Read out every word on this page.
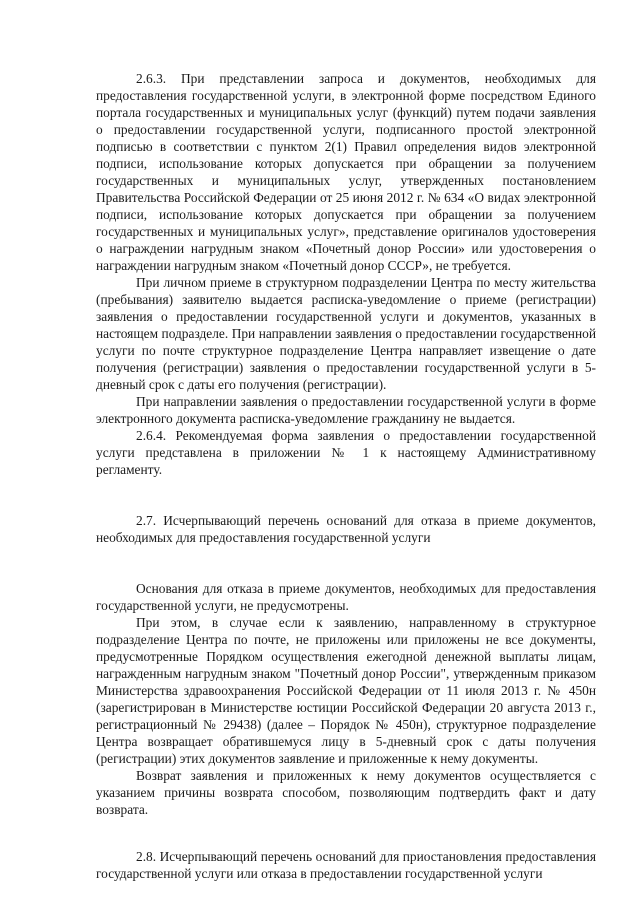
2.6.3. При представлении запроса и документов, необходимых для предоставления государственной услуги, в электронной форме посредством Единого портала государственных и муниципальных услуг (функций) путем подачи заявления о предоставлении государственной услуги, подписанного простой электронной подписью в соответствии с пунктом 2(1) Правил определения видов электронной подписи, использование которых допускается при обращении за получением государственных и муниципальных услуг, утвержденных постановлением Правительства Российской Федерации от 25 июня 2012 г. № 634 «О видах электронной подписи, использование которых допускается при обращении за получением государственных и муниципальных услуг», представление оригиналов удостоверения о награждении нагрудным знаком «Почетный донор России» или удостоверения о награждении нагрудным знаком «Почетный донор СССР», не требуется.

При личном приеме в структурном подразделении Центра по месту жительства (пребывания) заявителю выдается расписка-уведомление о приеме (регистрации) заявления о предоставлении государственной услуги и документов, указанных в настоящем подразделе. При направлении заявления о предоставлении государственной услуги по почте структурное подразделение Центра направляет извещение о дате получения (регистрации) заявления о предоставлении государственной услуги в 5-дневный срок с даты его получения (регистрации).

При направлении заявления о предоставлении государственной услуги в форме электронного документа расписка-уведомление гражданину не выдается.

2.6.4. Рекомендуемая форма заявления о предоставлении государственной услуги представлена в приложении № 1 к настоящему Административному регламенту.

2.7. Исчерпывающий перечень оснований для отказа в приеме документов, необходимых для предоставления государственной услуги

Основания для отказа в приеме документов, необходимых для предоставления государственной услуги, не предусмотрены.

При этом, в случае если к заявлению, направленному в структурное подразделение Центра по почте, не приложены или приложены не все документы, предусмотренные Порядком осуществления ежегодной денежной выплаты лицам, награжденным нагрудным знаком "Почетный донор России", утвержденным приказом Министерства здравоохранения Российской Федерации от 11 июля 2013 г. № 450н (зарегистрирован в Министерстве юстиции Российской Федерации 20 августа 2013 г., регистрационный № 29438) (далее – Порядок № 450н), структурное подразделение Центра возвращает обратившемуся лицу в 5-дневный срок с даты получения (регистрации) этих документов заявление и приложенные к нему документы.

Возврат заявления и приложенных к нему документов осуществляется с указанием причины возврата способом, позволяющим подтвердить факт и дату возврата.

2.8. Исчерпывающий перечень оснований для приостановления предоставления государственной услуги или отказа в предоставлении государственной услуги
